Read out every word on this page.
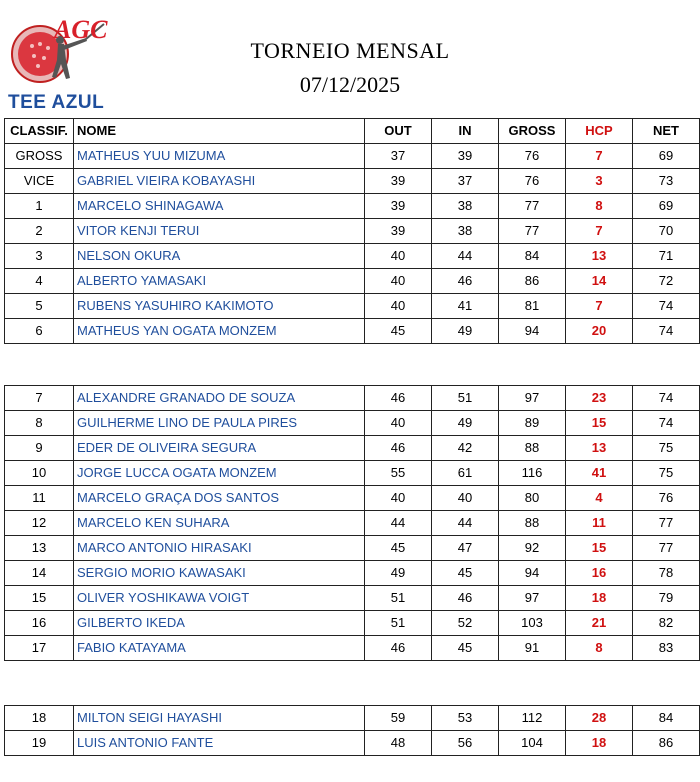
AGC
TEE AZUL
TORNEIO MENSAL
07/12/2025
CLASSIF.	NOME	OUT	IN	GROSS	HCP	NET
GROSS	MATHEUS YUU MIZUMA	37	39	76	7	69
VICE	GABRIEL VIEIRA KOBAYASHI	39	37	76	3	73
1	MARCELO SHINAGAWA	39	38	77	8	69
2	VITOR KENJI TERUI	39	38	77	7	70
3	NELSON OKURA	40	44	84	13	71
4	ALBERTO YAMASAKI	40	46	86	14	72
5	RUBENS YASUHIRO KAKIMOTO	40	41	81	7	74
6	MATHEUS YAN OGATA MONZEM	45	49	94	20	74
7	ALEXANDRE GRANADO DE SOUZA	46	51	97	23	74
8	GUILHERME LINO DE PAULA PIRES	40	49	89	15	74
9	EDER DE OLIVEIRA SEGURA	46	42	88	13	75
10	JORGE LUCCA OGATA MONZEM	55	61	116	41	75
11	MARCELO GRAÇA DOS SANTOS	40	40	80	4	76
12	MARCELO KEN SUHARA	44	44	88	11	77
13	MARCO ANTONIO HIRASAKI	45	47	92	15	77
14	SERGIO MORIO KAWASAKI	49	45	94	16	78
15	OLIVER YOSHIKAWA VOIGT	51	46	97	18	79
16	GILBERTO IKEDA	51	52	103	21	82
17	FABIO KATAYAMA	46	45	91	8	83
18	MILTON SEIGI HAYASHI	59	53	112	28	84
19	LUIS ANTONIO FANTE	48	56	104	18	86
